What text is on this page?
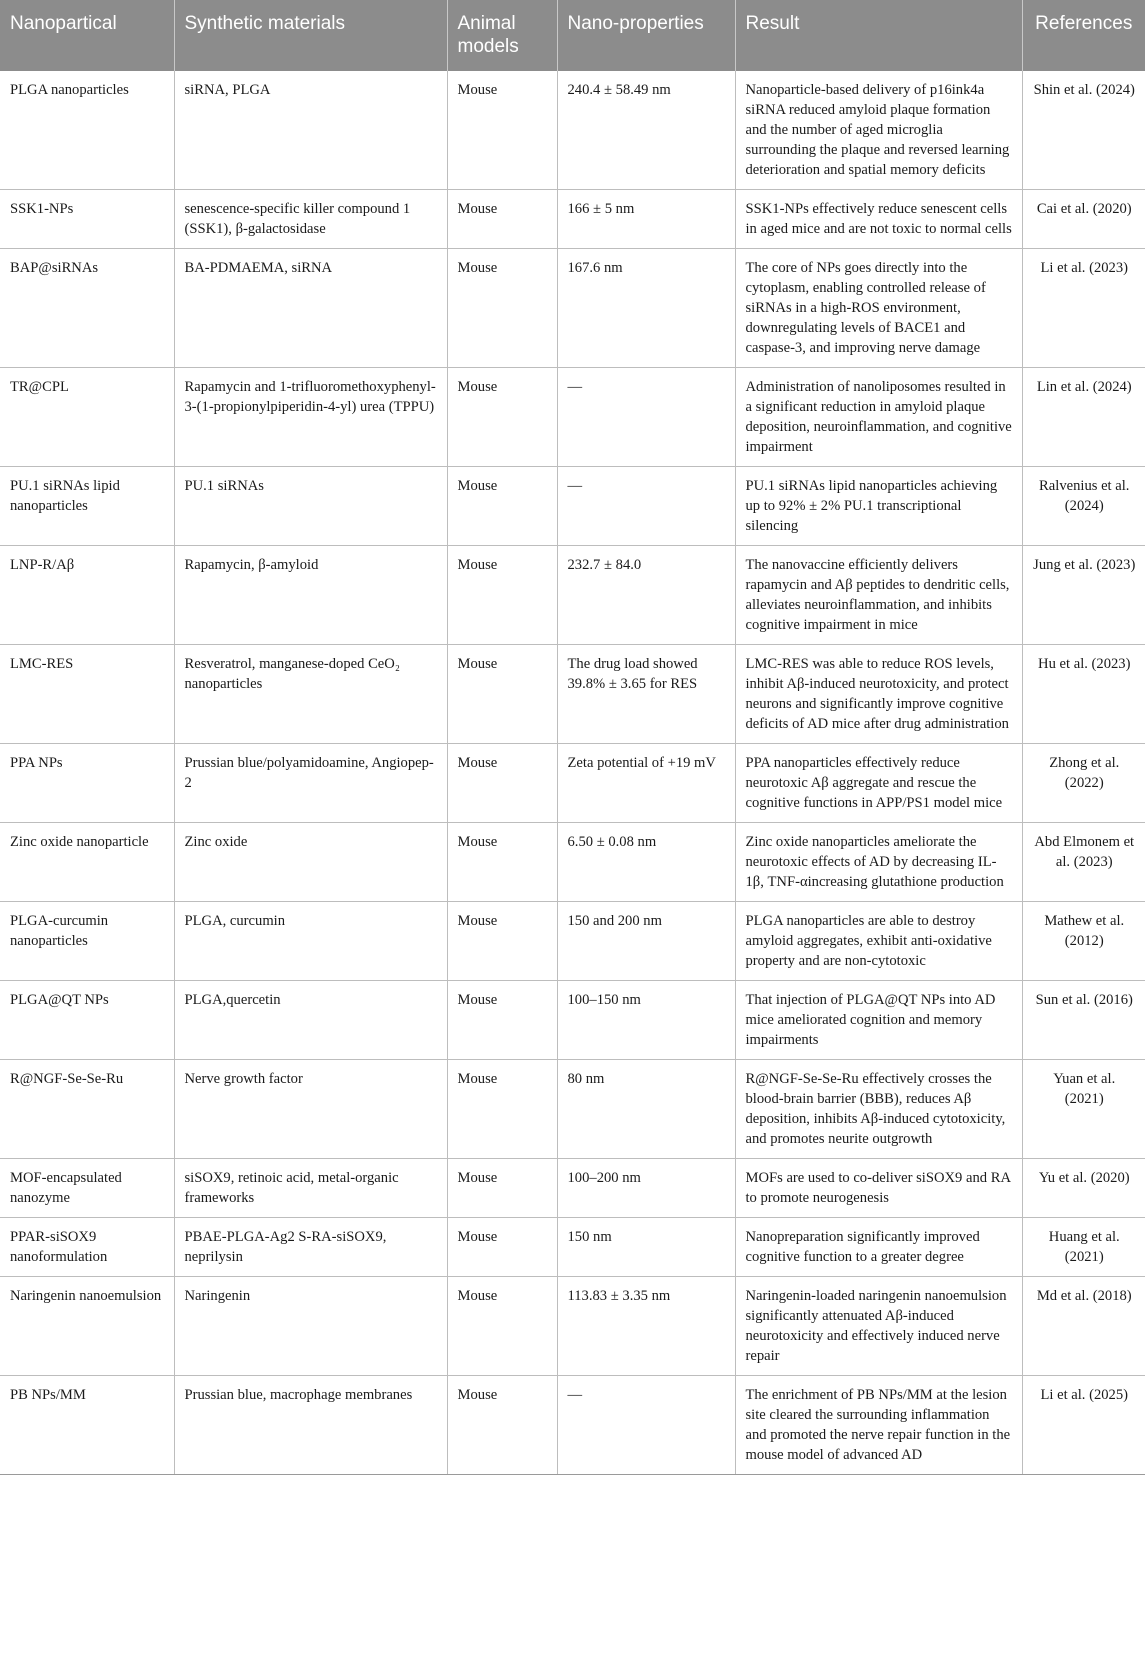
Nanopartical	Synthetic materials	Animal models	Nano-properties	Result	References
PLGA nanoparticles	siRNA, PLGA	Mouse	240.4 ± 58.49 nm	Nanoparticle-based delivery of p16ink4a siRNA reduced amyloid plaque formation and the number of aged microglia surrounding the plaque and reversed learning deterioration and spatial memory deficits	Shin et al. (2024)
SSK1-NPs	senescence-specific killer compound 1 (SSK1), β-galactosidase	Mouse	166 ± 5 nm	SSK1-NPs effectively reduce senescent cells in aged mice and are not toxic to normal cells	Cai et al. (2020)
BAP@siRNAs	BA-PDMAEMA, siRNA	Mouse	167.6 nm	The core of NPs goes directly into the cytoplasm, enabling controlled release of siRNAs in a high-ROS environment, downregulating levels of BACE1 and caspase-3, and improving nerve damage	Li et al. (2023)
TR@CPL	Rapamycin and 1-trifluoromethoxyphenyl-3-(1-propionylpiperidin-4-yl) urea (TPPU)	Mouse	—	Administration of nanoliposomes resulted in a significant reduction in amyloid plaque deposition, neuroinflammation, and cognitive impairment	Lin et al. (2024)
PU.1 siRNAs lipid nanoparticles	PU.1 siRNAs	Mouse	—	PU.1 siRNAs lipid nanoparticles achieving up to 92% ± 2% PU.1 transcriptional silencing	Ralvenius et al. (2024)
LNP-R/Aβ	Rapamycin, β-amyloid	Mouse	232.7 ± 84.0	The nanovaccine efficiently delivers rapamycin and Aβ peptides to dendritic cells, alleviates neuroinflammation, and inhibits cognitive impairment in mice	Jung et al. (2023)
LMC-RES	Resveratrol, manganese-doped CeO₂ nanoparticles	Mouse	The drug load showed 39.8% ± 3.65 for RES	LMC-RES was able to reduce ROS levels, inhibit Aβ-induced neurotoxicity, and protect neurons and significantly improve cognitive deficits of AD mice after drug administration	Hu et al. (2023)
PPA NPs	Prussian blue/polyamidoamine, Angiopep-2	Mouse	Zeta potential of +19 mV	PPA nanoparticles effectively reduce neurotoxic Aβ aggregate and rescue the cognitive functions in APP/PS1 model mice	Zhong et al. (2022)
Zinc oxide nanoparticle	Zinc oxide	Mouse	6.50 ± 0.08 nm	Zinc oxide nanoparticles ameliorate the neurotoxic effects of AD by decreasing IL-1β, TNF-αincreasing glutathione production	Abd Elmonem et al. (2023)
PLGA-curcumin nanoparticles	PLGA, curcumin	Mouse	150 and 200 nm	PLGA nanoparticles are able to destroy amyloid aggregates, exhibit anti-oxidative property and are non-cytotoxic	Mathew et al. (2012)
PLGA@QT NPs	PLGA,quercetin	Mouse	100–150 nm	That injection of PLGA@QT NPs into AD mice ameliorated cognition and memory impairments	Sun et al. (2016)
R@NGF-Se-Se-Ru	Nerve growth factor	Mouse	80 nm	R@NGF-Se-Se-Ru effectively crosses the blood-brain barrier (BBB), reduces Aβ deposition, inhibits Aβ-induced cytotoxicity, and promotes neurite outgrowth	Yuan et al. (2021)
MOF-encapsulated nanozyme	siSOX9, retinoic acid, metal-organic frameworks	Mouse	100–200 nm	MOFs are used to co-deliver siSOX9 and RA to promote neurogenesis	Yu et al. (2020)
PPAR-siSOX9 nanoformulation	PBAE-PLGA-Ag2 S-RA-siSOX9, neprilysin	Mouse	150 nm	Nanopreparation significantly improved cognitive function to a greater degree	Huang et al. (2021)
Naringenin nanoemulsion	Naringenin	Mouse	113.83 ± 3.35 nm	Naringenin-loaded naringenin nanoemulsion significantly attenuated Aβ-induced neurotoxicity and effectively induced nerve repair	Md et al. (2018)
PB NPs/MM	Prussian blue, macrophage membranes	Mouse	—	The enrichment of PB NPs/MM at the lesion site cleared the surrounding inflammation and promoted the nerve repair function in the mouse model of advanced AD	Li et al. (2025)
